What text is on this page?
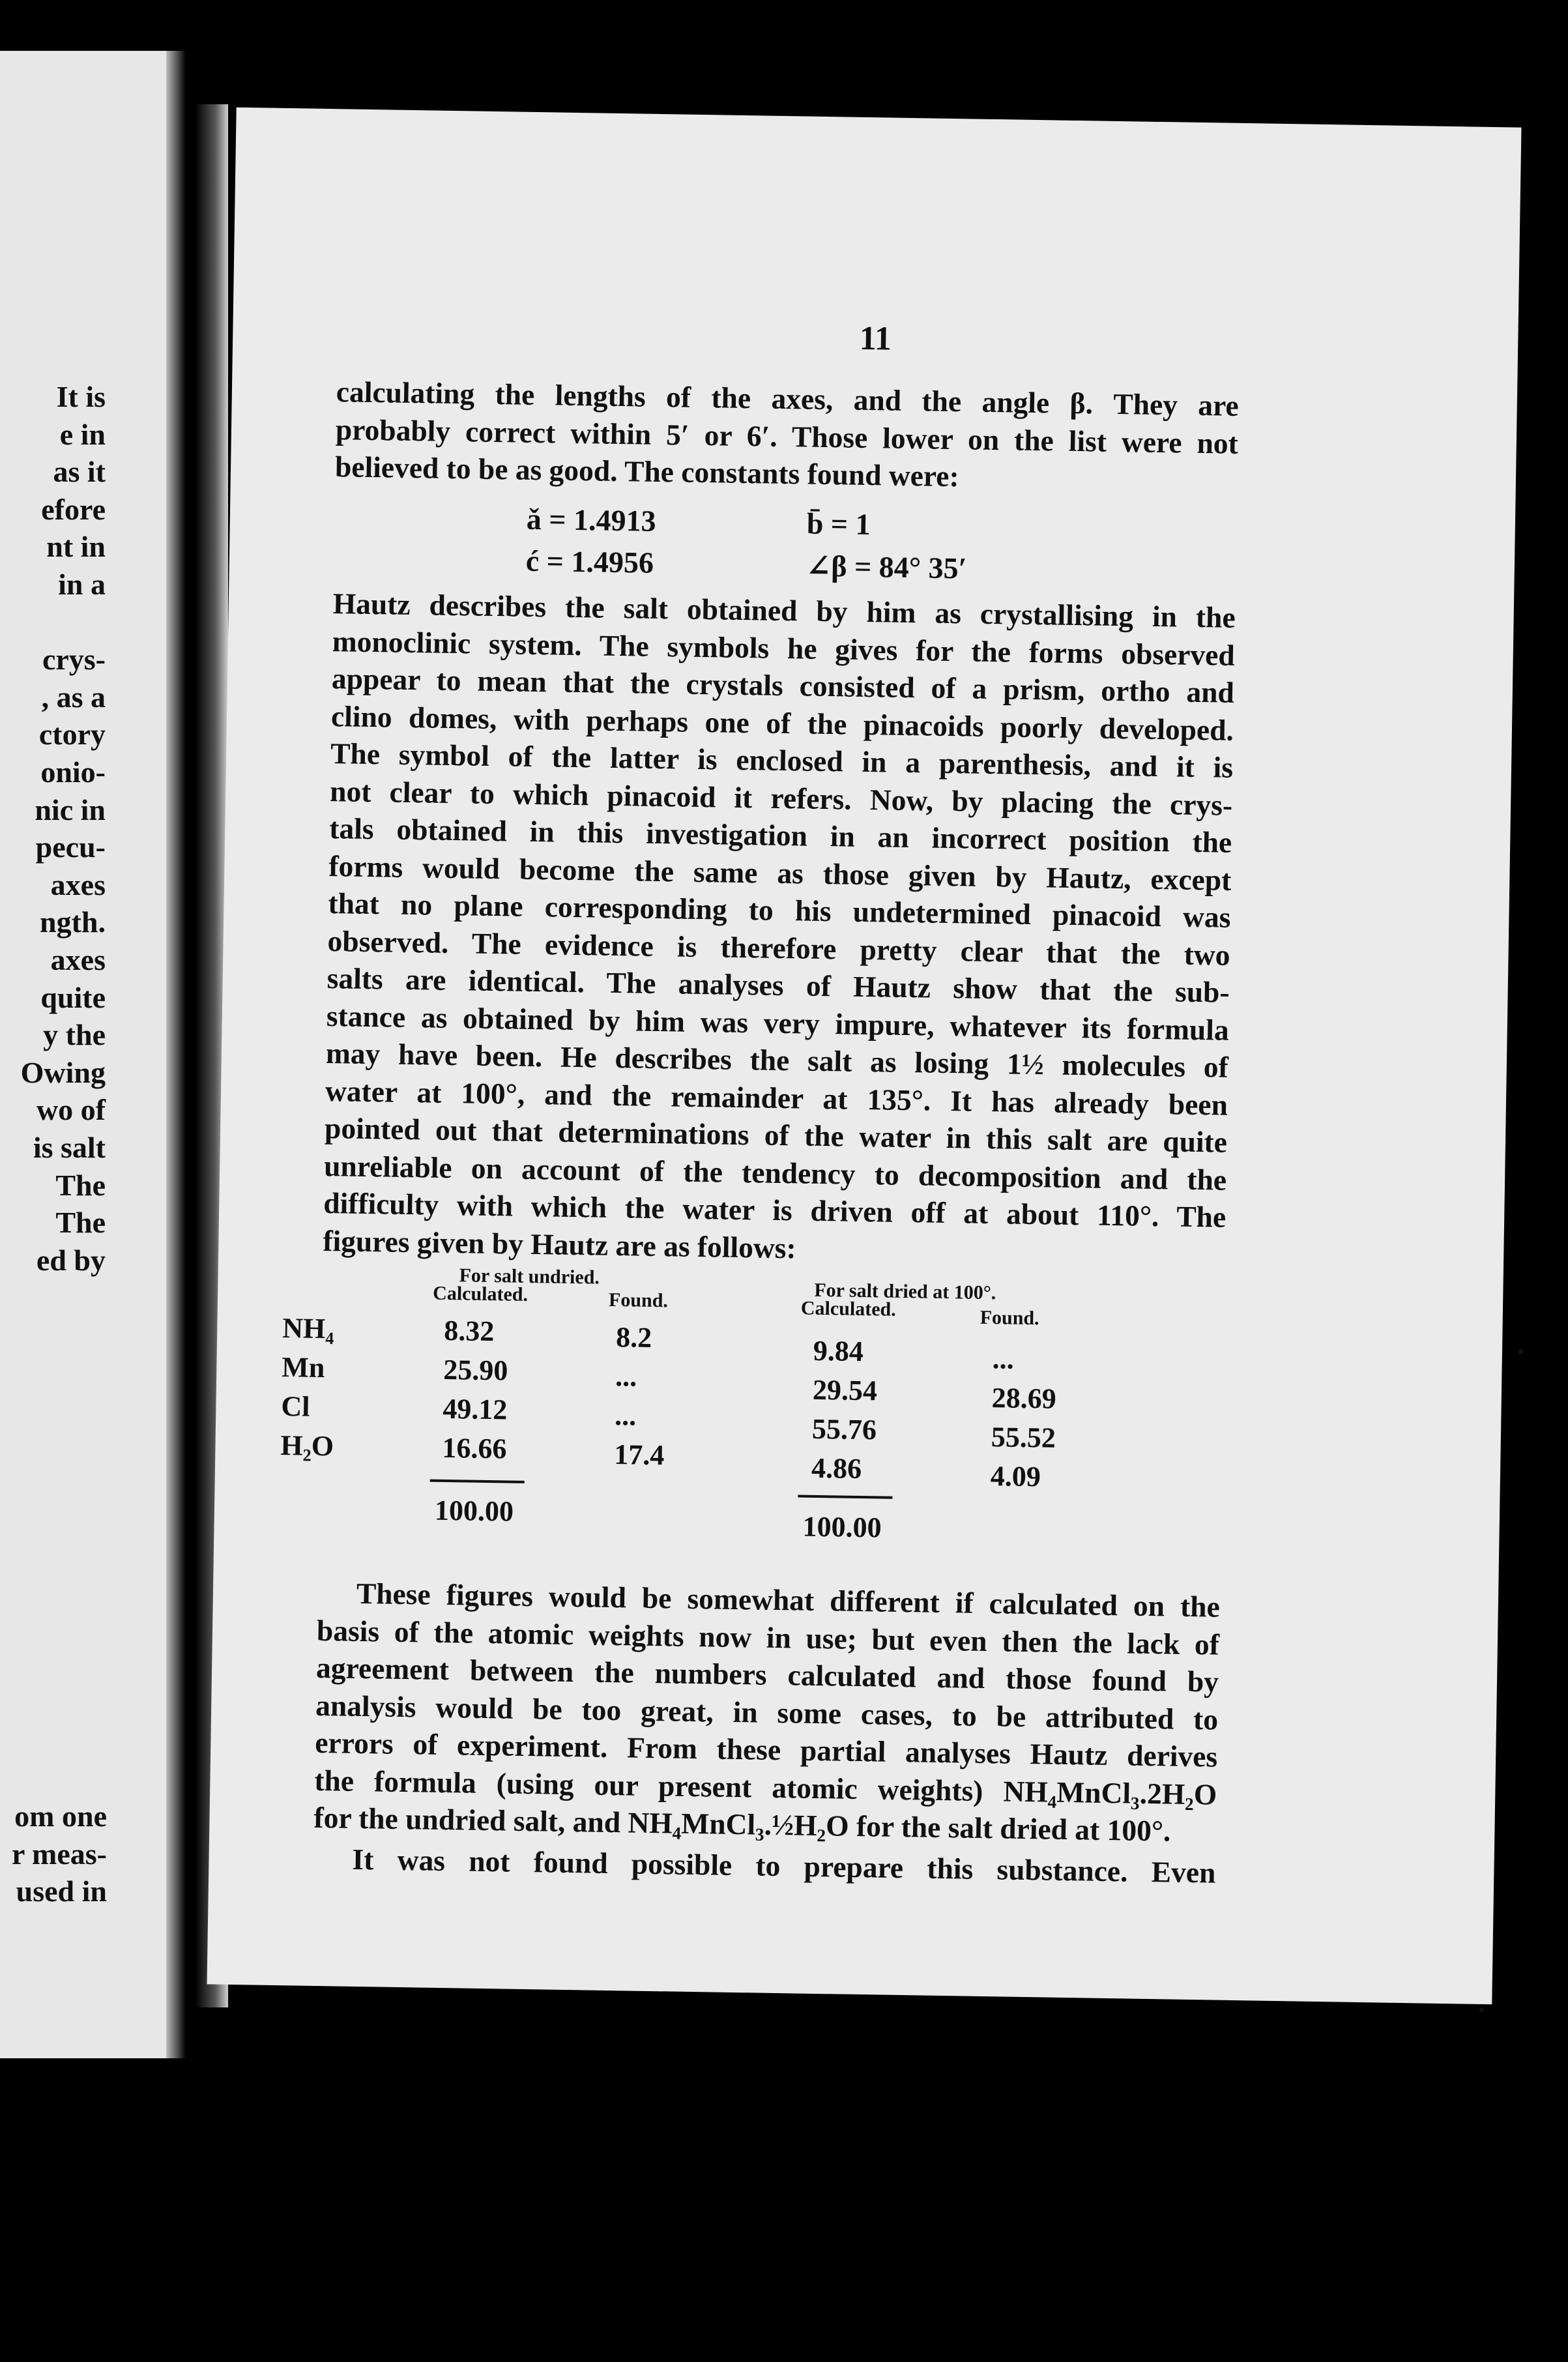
It is
e in
as it
efore
nt in
in a
crys-
, as a
ctory
onio-
nic in
pecu-
axes
ngth.
axes
quite
y the
Owing
wo of
is salt
The
The
ed by
om one
r meas-
used in
11
calculating the lengths of the axes, and the angle β. They are
probably correct within 5′ or 6′. Those lower on the list were not
believed to be as good. The constants found were:
ǎ = 1.4913	b̄ = 1
ć = 1.4956	∠β = 84° 35′
Hautz describes the salt obtained by him as crystallising in the
monoclinic system. The symbols he gives for the forms observed
appear to mean that the crystals consisted of a prism, ortho and
clino domes, with perhaps one of the pinacoids poorly developed.
The symbol of the latter is enclosed in a parenthesis, and it is
not clear to which pinacoid it refers. Now, by placing the crys-
tals obtained in this investigation in an incorrect position the
forms would become the same as those given by Hautz, except
that no plane corresponding to his undetermined pinacoid was
observed. The evidence is therefore pretty clear that the two
salts are identical. The analyses of Hautz show that the sub-
stance as obtained by him was very impure, whatever its formula
may have been. He describes the salt as losing 1½ molecules of
water at 100°, and the remainder at 135°. It has already been
pointed out that determinations of the water in this salt are quite
unreliable on account of the tendency to decomposition and the
difficulty with which the water is driven off at about 110°. The
figures given by Hautz are as follows:
For salt undried.
Calculated.	Found.	For salt dried at 100°.
Calculated.	Found.
NH₄	8.32	8.2	9.84	...
Mn	25.90	...	29.54	28.69
Cl	49.12	...	55.76	55.52
H₂O	16.66	17.4	4.86	4.09
100.00	100.00
These figures would be somewhat different if calculated on the
basis of the atomic weights now in use; but even then the lack of
agreement between the numbers calculated and those found by
analysis would be too great, in some cases, to be attributed to
errors of experiment. From these partial analyses Hautz derives
the formula (using our present atomic weights) NH₄MnCl₃.2H₂O
for the undried salt, and NH₄MnCl₃.½H₂O for the salt dried at 100°.
It was not found possible to prepare this substance. Even
